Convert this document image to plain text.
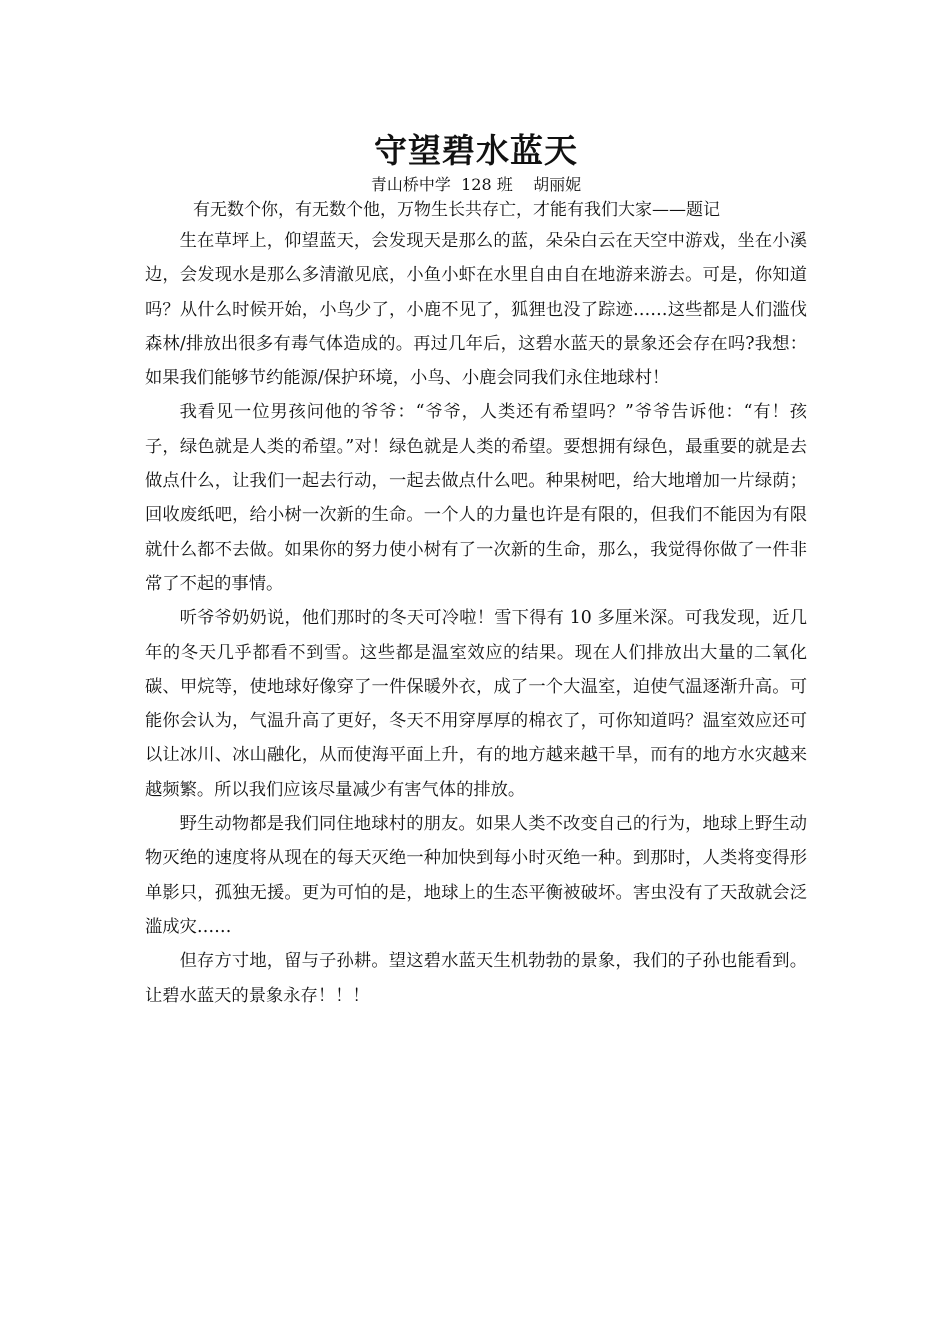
守望碧水蓝天

青山桥中学  128 班    胡丽妮

有无数个你，有无数个他，万物生长共存亡，才能有我们大家——题记

生在草坪上，仰望蓝天，会发现天是那么的蓝，朵朵白云在天空中游戏，坐在小溪边，会发现水是那么多清澈见底，小鱼小虾在水里自由自在地游来游去。可是，你知道吗？从什么时候开始，小鸟少了，小鹿不见了，狐狸也没了踪迹……这些都是人们滥伐森林/排放出很多有毒气体造成的。再过几年后，这碧水蓝天的景象还会存在吗?我想：如果我们能够节约能源/保护环境，小鸟、小鹿会同我们永住地球村！

我看见一位男孩问他的爷爷：“爷爷，人类还有希望吗？”爷爷告诉他：“有！孩子，绿色就是人类的希望。”对！绿色就是人类的希望。要想拥有绿色，最重要的就是去做点什么，让我们一起去行动，一起去做点什么吧。种果树吧，给大地增加一片绿荫；回收废纸吧，给小树一次新的生命。一个人的力量也许是有限的，但我们不能因为有限就什么都不去做。如果你的努力使小树有了一次新的生命，那么，我觉得你做了一件非常了不起的事情。

听爷爷奶奶说，他们那时的冬天可冷啦！雪下得有 10 多厘米深。可我发现，近几年的冬天几乎都看不到雪。这些都是温室效应的结果。现在人们排放出大量的二氧化碳、甲烷等，使地球好像穿了一件保暖外衣，成了一个大温室，迫使气温逐渐升高。可能你会认为，气温升高了更好，冬天不用穿厚厚的棉衣了，可你知道吗？温室效应还可以让冰川、冰山融化，从而使海平面上升，有的地方越来越干旱，而有的地方水灾越来越频繁。所以我们应该尽量减少有害气体的排放。

野生动物都是我们同住地球村的朋友。如果人类不改变自己的行为，地球上野生动物灭绝的速度将从现在的每天灭绝一种加快到每小时灭绝一种。到那时，人类将变得形单影只，孤独无援。更为可怕的是，地球上的生态平衡被破坏。害虫没有了天敌就会泛滥成灾……

但存方寸地，留与子孙耕。望这碧水蓝天生机勃勃的景象，我们的子孙也能看到。让碧水蓝天的景象永存！！！
